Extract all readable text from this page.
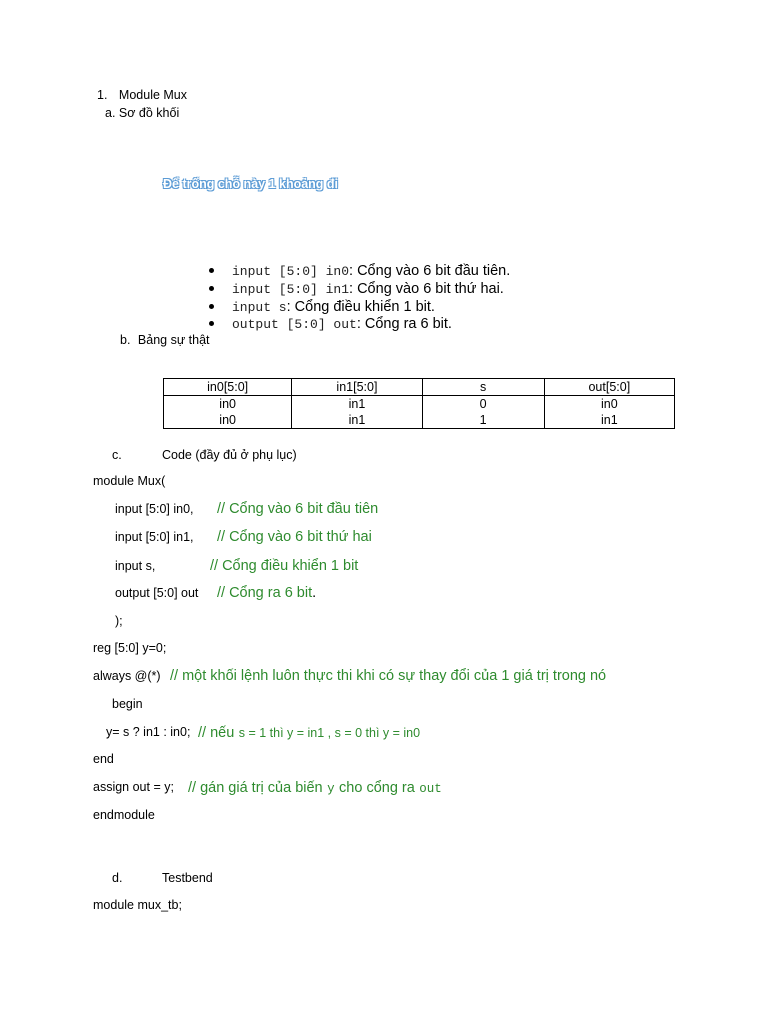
1. Module Mux
a. Sơ đồ khối
Để trống chỗ này 1 khoảng đi
input [5:0] in0: Cổng vào 6 bit đầu tiên.
input [5:0] in1: Cổng vào 6 bit thứ hai.
input s: Cổng điều khiển 1 bit.
output [5:0] out: Cổng ra 6 bit.
b. Bảng sự thật
in0[5:0]	in1[5:0]	s	out[5:0]
in0	in1	0	in0
in0	in1	1	in1
c.	Code (đầy đủ ở phụ lục)
module Mux(
input [5:0] in0, // Cổng vào 6 bit đầu tiên
input [5:0] in1, // Cổng vào 6 bit thứ hai
input s,	// Cổng điều khiển 1 bit
output [5:0] out // Cổng ra 6 bit.
);
reg [5:0] y=0;
always @(*) // một khối lệnh luôn thực thi khi có sự thay đổi của 1 giá trị trong nó
begin
y= s ? in1 : in0; // nếu s = 1 thì y = in1 , s = 0 thì y = in0
end
assign out = y; // gán giá trị của biến y cho cổng ra out
endmodule
d.	Testbend
module mux_tb;
